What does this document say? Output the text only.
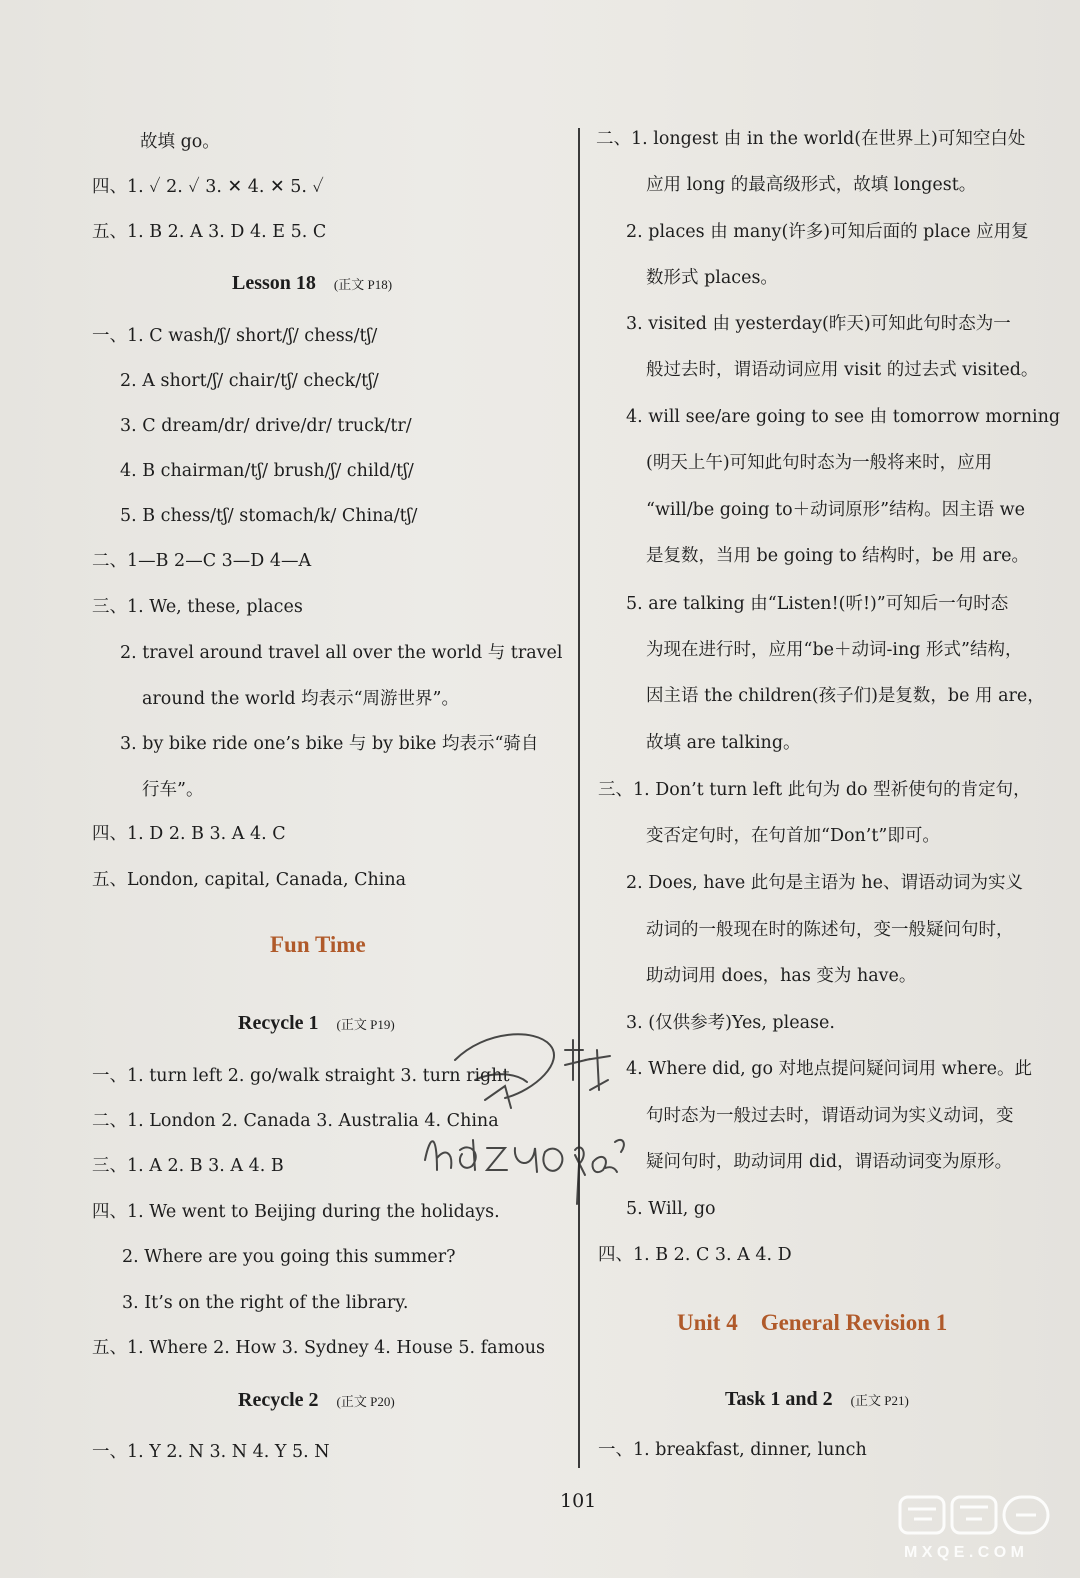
故填 go。
四、1. ✓ 2. ✓ 3. ✕ 4. ✕ 5. ✓
五、1. B 2. A 3. D 4. E 5. C
Lesson 18 (正文 P18)
一、1. C wash/ʃ/ short/ʃ/ chess/tʃ/
2. A short/ʃ/ chair/tʃ/ check/tʃ/
3. C dream/dr/ drive/dr/ truck/tr/
4. B chairman/tʃ/ brush/ʃ/ child/tʃ/
5. B chess/tʃ/ stomach/k/ China/tʃ/
二、1—B 2—C 3—D 4—A
三、1. We, these, places
2. travel around travel all over the world 与 travel
around the world 均表示“周游世界”。
3. by bike ride one’s bike 与 by bike 均表示“骑自
行车”。
四、1. D 2. B 3. A 4. C
五、London, capital, Canada, China
Fun Time
Recycle 1 (正文 P19)
一、1. turn left 2. go/walk straight 3. turn right
二、1. London 2. Canada 3. Australia 4. China
三、1. A 2. B 3. A 4. B
四、1. We went to Beijing during the holidays.
2. Where are you going this summer?
3. It’s on the right of the library.
五、1. Where 2. How 3. Sydney 4. House 5. famous
Recycle 2 (正文 P20)
一、1. Y 2. N 3. N 4. Y 5. N
二、1. longest 由 in the world(在世界上)可知空白处
应用 long 的最高级形式，故填 longest。
2. places 由 many(许多)可知后面的 place 应用复
数形式 places。
3. visited 由 yesterday(昨天)可知此句时态为一
般过去时，谓语动词应用 visit 的过去式 visited。
4. will see/are going to see 由 tomorrow morning
(明天上午)可知此句时态为一般将来时，应用
“will/be going to＋动词原形”结构。因主语 we
是复数，当用 be going to 结构时，be 用 are。
5. are talking 由“Listen!(听!)”可知后一句时态
为现在进行时，应用“be＋动词-ing 形式”结构，
因主语 the children(孩子们)是复数，be 用 are，
故填 are talking。
三、1. Don’t turn left 此句为 do 型祈使句的肯定句，
变否定句时，在句首加“Don’t”即可。
2. Does, have 此句是主语为 he、谓语动词为实义
动词的一般现在时的陈述句，变一般疑问句时，
助动词用 does，has 变为 have。
3. (仅供参考)Yes, please.
4. Where did, go 对地点提问疑问词用 where。此
句时态为一般过去时，谓语动词为实义动词，变
疑问句时，助动词用 did，谓语动词变为原形。
5. Will, go
四、1. B 2. C 3. A 4. D
Unit 4    General Revision 1
Task 1 and 2 (正文 P21)
一、1. breakfast, dinner, lunch
101
M X Q E . C O M
